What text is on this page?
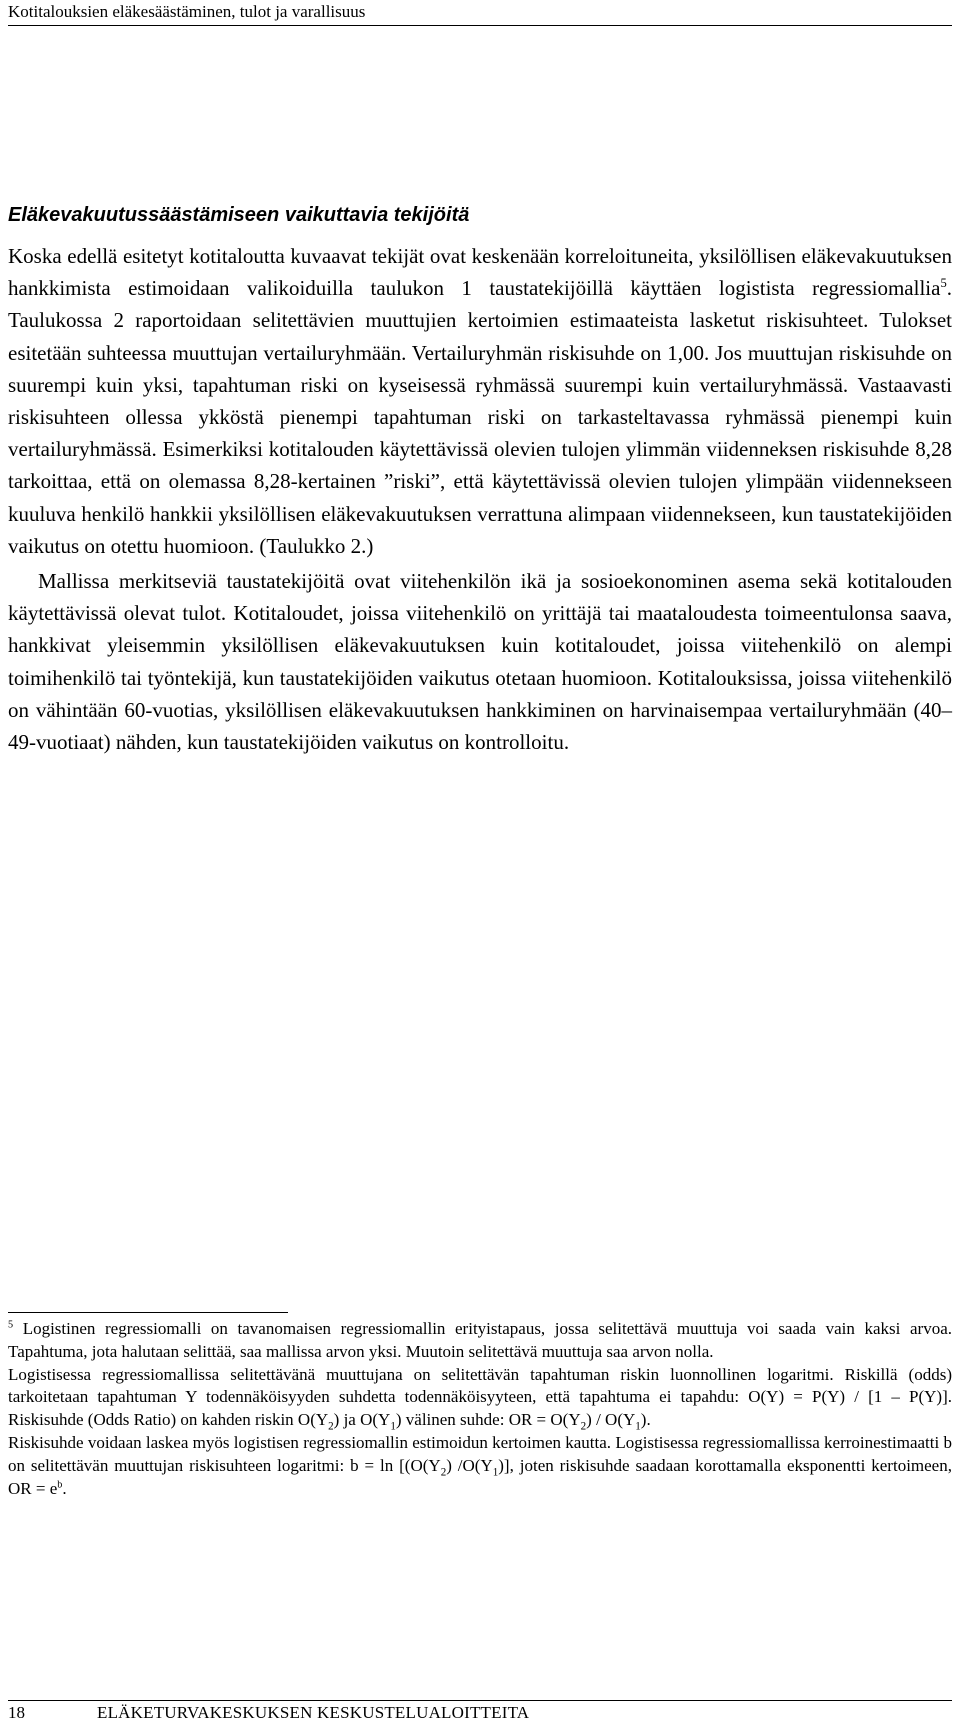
Kotitalouksien eläkesäästäminen, tulot ja varallisuus
Eläkevakuutussäästämiseen vaikuttavia tekijöitä

Koska edellä esitetyt kotitaloutta kuvaavat tekijät ovat keskenään korreloituneita, yksilöllisen eläkevakuutuksen hankkimista estimoidaan valikoiduilla taulukon 1 taustatekijöillä käyttäen logistista regressiomallia$^5$. Taulukossa 2 raportoidaan selitettävien muuttujien kertoimien estimaateista lasketut riskisuhteet. Tulokset esitetään suhteessa muuttujan vertailuryhmään. Vertailuryhmän riskisuhde on 1,00. Jos muuttujan riskisuhde on suurempi kuin yksi, tapahtuman riski on kyseisessä ryhmässä suurempi kuin vertailuryhmässä. Vastaavasti riskisuhteen ollessa ykköstä pienempi tapahtuman riski on tarkasteltavassa ryhmässä pienempi kuin vertailuryhmässä. Esimerkiksi kotitalouden käytettävissä olevien tulojen ylimmän viidenneksen riskisuhde 8,28 tarkoittaa, että on olemassa 8,28-kertainen ”riski”, että käytettävissä olevien tulojen ylimpään viidennekseen kuuluva henkilö hankkii yksilöllisen eläkevakuutuksen verrattuna alimpaan viidennekseen, kun taustatekijöiden vaikutus on otettu huomioon. (Taulukko 2.)

Mallissa merkitseviä taustatekijöitä ovat viitehenkilön ikä ja sosioekonominen asema sekä kotitalouden käytettävissä olevat tulot. Kotitaloudet, joissa viitehenkilö on yrittäjä tai maataloudesta toimeentulonsa saava, hankkivat yleisemmin yksilöllisen eläkevakuutuksen kuin kotitaloudet, joissa viitehenkilö on alempi toimihenkilö tai työntekijä, kun taustatekijöiden vaikutus otetaan huomioon. Kotitalouksissa, joissa viitehenkilö on vähintään 60-vuotias, yksilöllisen eläkevakuutuksen hankkiminen on harvinaisempaa vertailuryhmään (40–49-vuotiaat) nähden, kun taustatekijöiden vaikutus on kontrolloitu.

$^5$ Logistinen regressiomalli on tavanomaisen regressiomallin erityistapaus, jossa selitettävä muuttuja voi saada vain kaksi arvoa. Tapahtuma, jota halutaan selittää, saa mallissa arvon yksi. Muutoin selitettävä muuttuja saa arvon nolla.

Logistisessa regressiomallissa selitettävänä muuttujana on selitettävän tapahtuman riskin luonnollinen logaritmi. Riskillä (odds) tarkoitetaan tapahtuman Y todennäköisyyden suhdetta todennäköisyyteen, että tapahtuma ei tapahdu: O(Y) = P(Y) / [1 – P(Y)]. Riskisuhde (Odds Ratio) on kahden riskin $O(Y_2)$ ja $O(Y_1)$ välinen suhde: OR = $O(Y_2) / O(Y_1)$.

Riskisuhde voidaan laskea myös logistisen regressiomallin estimoidun kertoimen kautta. Logistisessa regressiomallissa kerroinestimaatti b on selitettävän muuttujan riskisuhteen logaritmi: $b = \ln [(O(Y_2)$ $/O(Y_1)$], joten riskisuhde saadaan korottamalla eksponentti kertoimeen, OR = $e^b$.

18	ELÄKETURVAKESKUKSEN KESKUSTELUALOITTEITA
